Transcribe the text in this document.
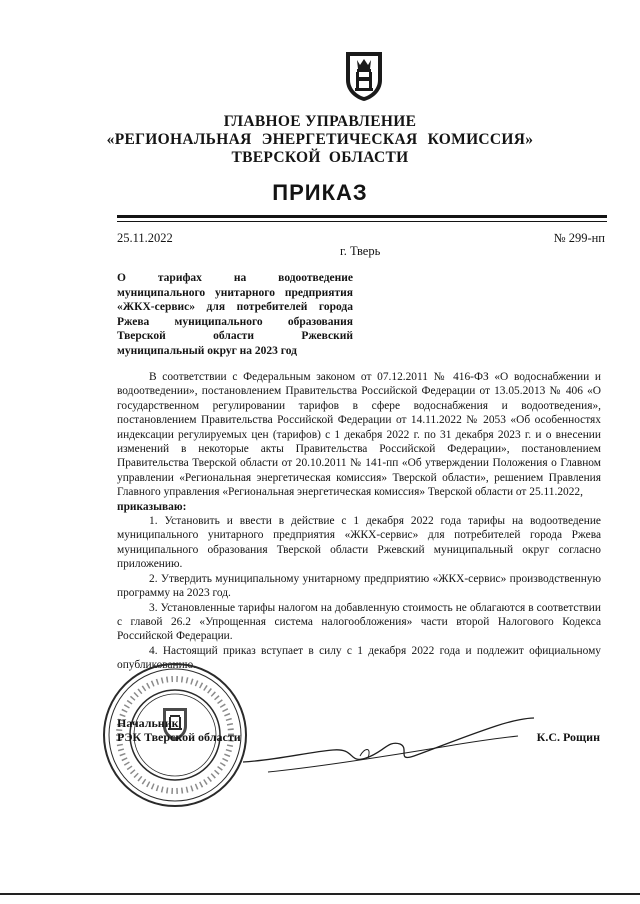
ГЛАВНОЕ УПРАВЛЕНИЕ
«РЕГИОНАЛЬНАЯ ЭНЕРГЕТИЧЕСКАЯ КОМИССИЯ»
ТВЕРСКОЙ ОБЛАСТИ
ПРИКАЗ
25.11.2022	№ 299-нп
г. Тверь
О тарифах на водоотведение муниципального унитарного предприятия «ЖКХ-сервис» для потребителей города Ржева муниципального образования Тверской области Ржевский муниципальный округ на 2023 год

В соответствии с Федеральным законом от 07.12.2011 № 416-ФЗ «О водоснабжении и водоотведении», постановлением Правительства Российской Федерации от 13.05.2013 № 406 «О государственном регулировании тарифов в сфере водоснабжения и водоотведения», постановлением Правительства Российской Федерации от 14.11.2022 № 2053 «Об особенностях индексации регулируемых цен (тарифов) с 1 декабря 2022 г. по 31 декабря 2023 г. и о внесении изменений в некоторые акты Правительства Российской Федерации», постановлением Правительства Тверской области от 20.10.2011 № 141-пп «Об утверждении Положения о Главном управлении «Региональная энергетическая комиссия» Тверской области», решением Правления Главного управления «Региональная энергетическая комиссия» Тверской области от 25.11.2022,

приказываю:

1. Установить и ввести в действие с 1 декабря 2022 года тарифы на водоотведение муниципального унитарного предприятия «ЖКХ-сервис» для потребителей города Ржева муниципального образования Тверской области Ржевский муниципальный округ согласно приложению.

2. Утвердить муниципальному унитарному предприятию «ЖКХ-сервис» производственную программу на 2023 год.

3. Установленные тарифы налогом на добавленную стоимость не облагаются в соответствии с главой 26.2 «Упрощенная система налогообложения» части второй Налогового Кодекса Российской Федерации.

4. Настоящий приказ вступает в силу с 1 декабря 2022 года и подлежит официальному опубликованию.

Начальник
РЭК Тверской области	К.С. Рощин
